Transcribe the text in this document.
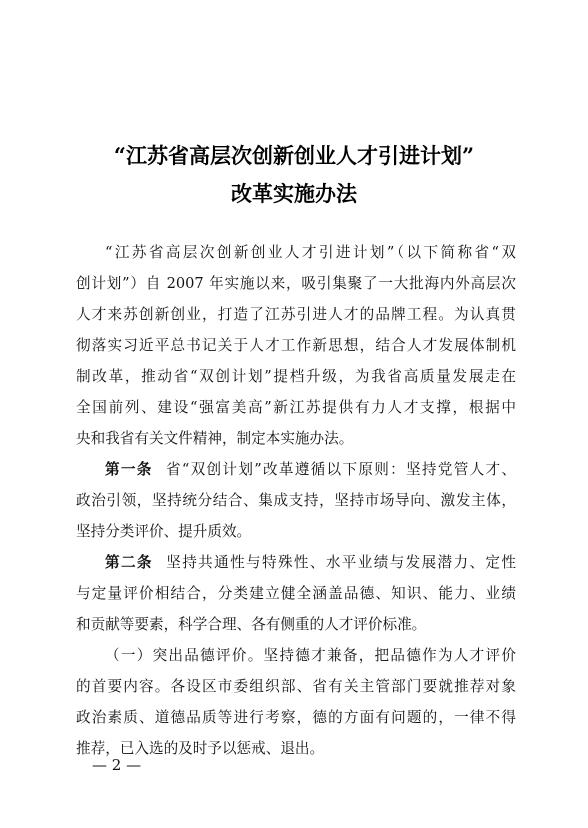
“江苏省高层次创新创业人才引进计划”
改革实施办法
“江苏省高层次创新创业人才引进计划”（以下简称省“双
创计划”）自 2007 年实施以来，吸引集聚了一大批海内外高层次
人才来苏创新创业，打造了江苏引进人才的品牌工程。为认真贯
彻落实习近平总书记关于人才工作新思想，结合人才发展体制机
制改革，推动省“双创计划”提档升级，为我省高质量发展走在
全国前列、建设“强富美高”新江苏提供有力人才支撑，根据中
央和我省有关文件精神，制定本实施办法。
第一条 省“双创计划”改革遵循以下原则：坚持党管人才、
政治引领，坚持统分结合、集成支持，坚持市场导向、激发主体，
坚持分类评价、提升质效。
第二条 坚持共通性与特殊性、水平业绩与发展潜力、定性
与定量评价相结合，分类建立健全涵盖品德、知识、能力、业绩
和贡献等要素，科学合理、各有侧重的人才评价标准。
（一）突出品德评价。坚持德才兼备，把品德作为人才评价
的首要内容。各设区市委组织部、省有关主管部门要就推荐对象
政治素质、道德品质等进行考察，德的方面有问题的，一律不得
推荐，已入选的及时予以惩戒、退出。
— 2 —
